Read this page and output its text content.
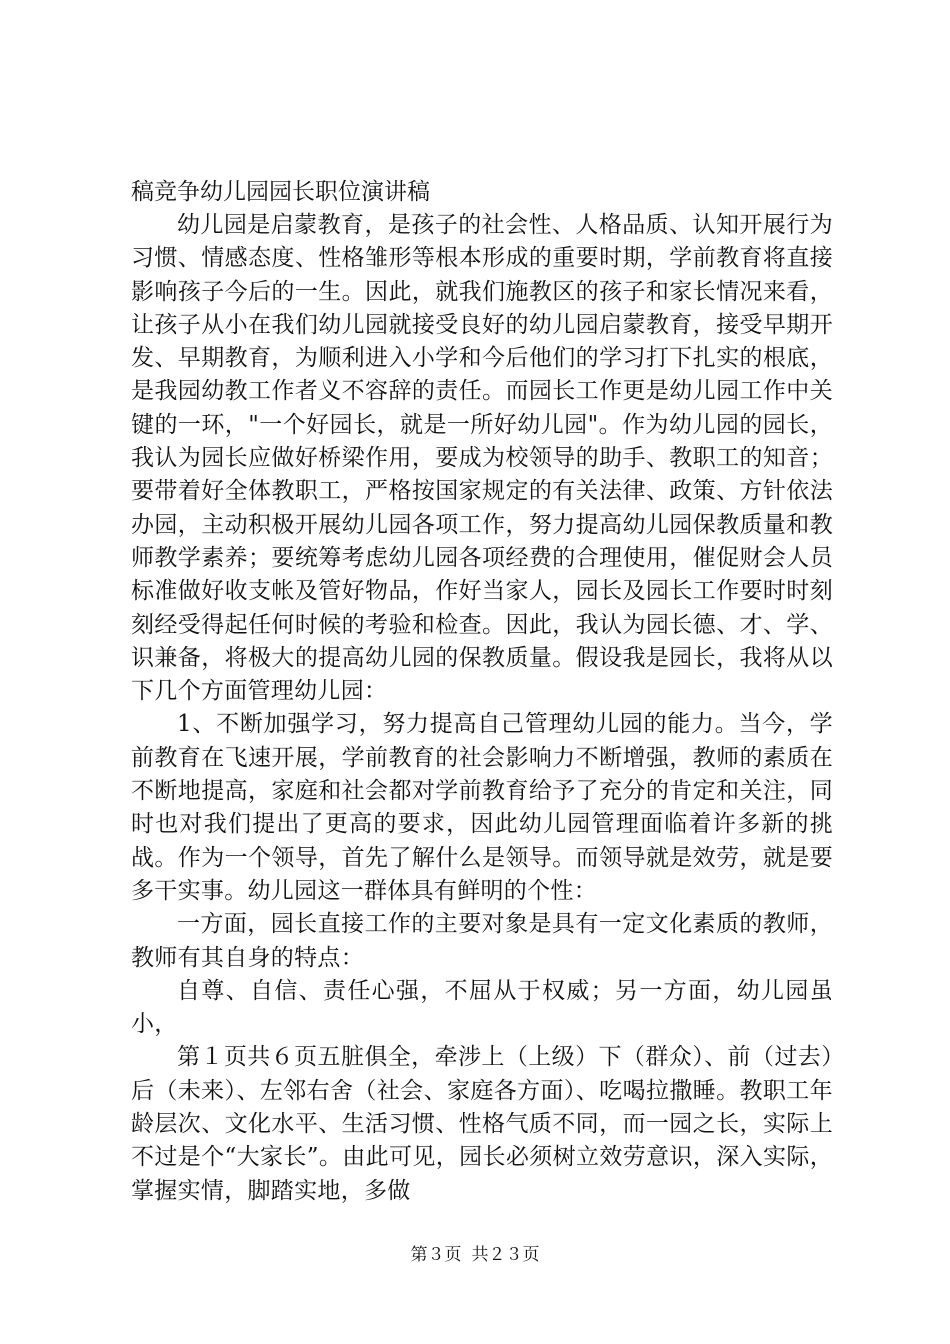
稿竞争幼儿园园长职位演讲稿

幼儿园是启蒙教育，是孩子的社会性、人格品质、认知开展行为习惯、情感态度、性格雏形等根本形成的重要时期，学前教育将直接影响孩子今后的一生。因此，就我们施教区的孩子和家长情况来看，让孩子从小在我们幼儿园就接受良好的幼儿园启蒙教育，接受早期开发、早期教育，为顺利进入小学和今后他们的学习打下扎实的根底，是我园幼教工作者义不容辞的责任。而园长工作更是幼儿园工作中关键的一环，"一个好园长，就是一所好幼儿园"。作为幼儿园的园长，我认为园长应做好桥梁作用，要成为校领导的助手、教职工的知音；要带着好全体教职工，严格按国家规定的有关法律、政策、方针依法办园，主动积极开展幼儿园各项工作，努力提高幼儿园保教质量和教师教学素养；要统筹考虑幼儿园各项经费的合理使用，催促财会人员标准做好收支帐及管好物品，作好当家人，园长及园长工作要时时刻刻经受得起任何时候的考验和检查。因此，我认为园长德、才、学、识兼备，将极大的提高幼儿园的保教质量。假设我是园长，我将从以下几个方面管理幼儿园：

1、不断加强学习，努力提高自己管理幼儿园的能力。当今，学前教育在飞速开展，学前教育的社会影响力不断增强，教师的素质在不断地提高，家庭和社会都对学前教育给予了充分的肯定和关注，同时也对我们提出了更高的要求，因此幼儿园管理面临着许多新的挑战。作为一个领导，首先了解什么是领导。而领导就是效劳，就是要多干实事。幼儿园这一群体具有鲜明的个性：

一方面，园长直接工作的主要对象是具有一定文化素质的教师，教师有其自身的特点：

自尊、自信、责任心强，不屈从于权威；另一方面，幼儿园虽小，

第１页共６页五脏俱全，牵涉上（上级）下（群众）、前（过去）后（未来）、左邻右舍（社会、家庭各方面）、吃喝拉撒睡。教职工年龄层次、文化水平、生活习惯、性格气质不同，而一园之长，实际上不过是个“大家长”。由此可见，园长必须树立效劳意识，深入实际，掌握实情，脚踏实地，多做

第３页 共２３页
